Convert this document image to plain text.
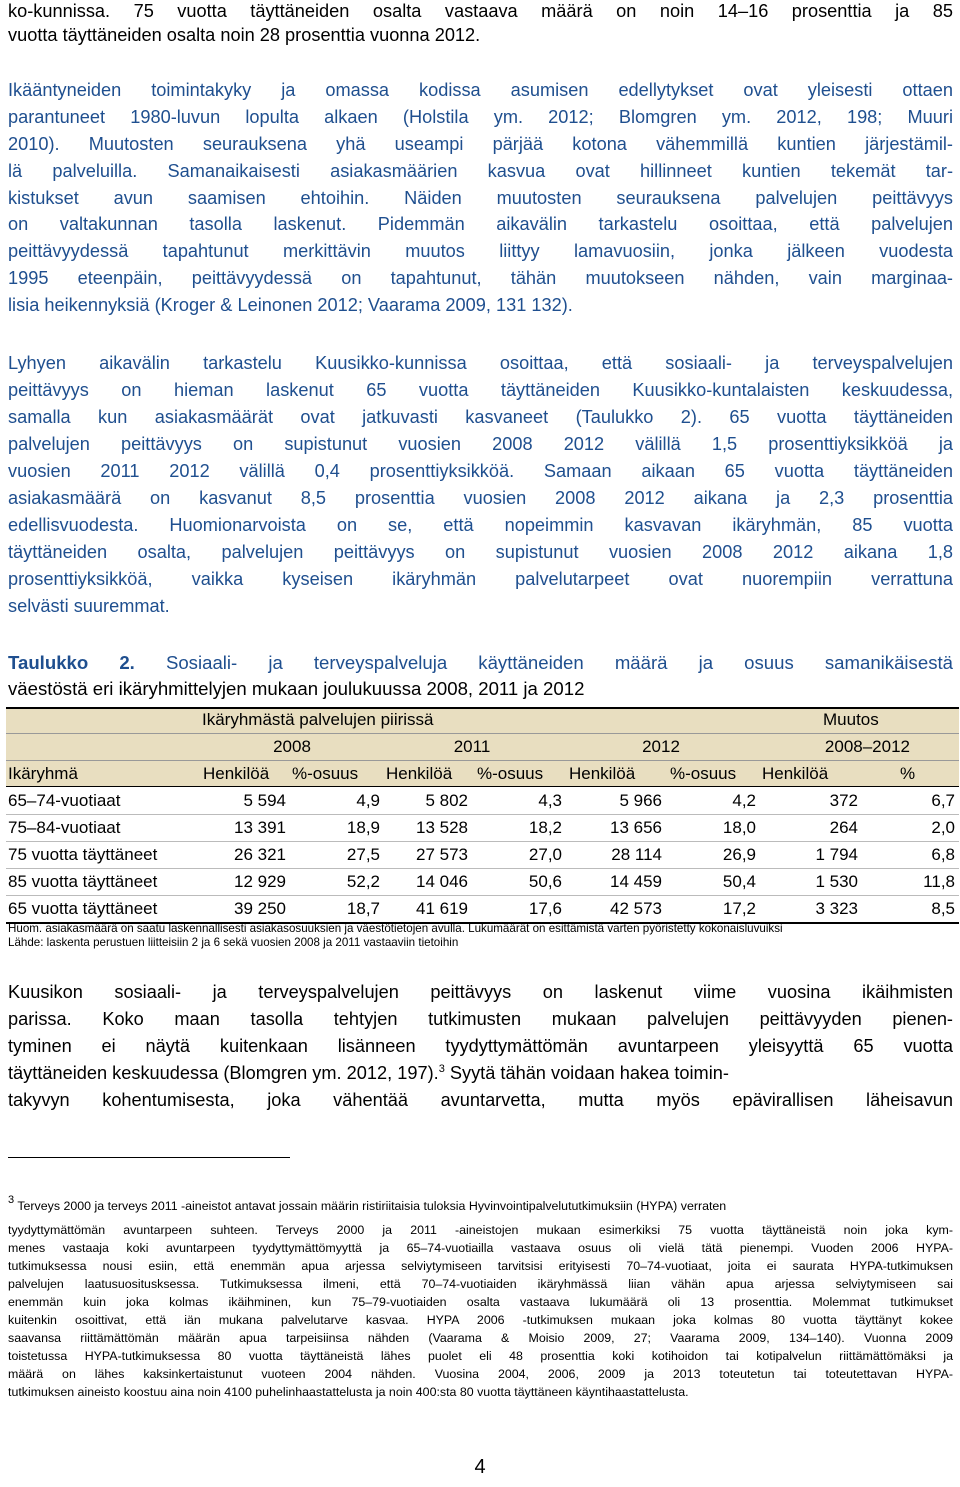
ko-kunnissa. 75 vuotta täyttäneiden osalta vastaava määrä on noin 14–16 prosenttia ja 85
vuotta täyttäneiden osalta noin 28 prosenttia vuonna 2012.
Ikääntyneiden toimintakyky ja omassa kodissa asumisen edellytykset ovat yleisesti ottaen
parantuneet 1980-luvun lopulta alkaen (Holstila ym. 2012; Blomgren ym. 2012, 198; Muuri
2010). Muutosten seurauksena yhä useampi pärjää kotona vähemmillä kuntien järjestämil-
lä palveluilla. Samanaikaisesti asiakasmäärien kasvua ovat hillinneet kuntien tekemät tar-
kistukset avun saamisen ehtoihin. Näiden muutosten seurauksena palvelujen peittävyys
on valtakunnan tasolla laskenut. Pidemmän aikavälin tarkastelu osoittaa, että palvelujen
peittävyydessä tapahtunut merkittävin muutos liittyy lamavuosiin, jonka jälkeen vuodesta
1995 eteenpäin, peittävyydessä on tapahtunut, tähän muutokseen nähden, vain marginaa-
lisia heikennyksiä (Kroger & Leinonen 2012; Vaarama 2009, 131 132).
Lyhyen aikavälin tarkastelu Kuusikko-kunnissa osoittaa, että sosiaali- ja terveyspalvelujen
peittävyys on hieman laskenut 65 vuotta täyttäneiden Kuusikko-kuntalaisten keskuudessa,
samalla kun asiakasmäärät ovat jatkuvasti kasvaneet (Taulukko 2). 65 vuotta täyttäneiden
palvelujen peittävyys on supistunut vuosien 2008 2012 välillä 1,5 prosenttiyksikköä ja
vuosien 2011 2012 välillä 0,4 prosenttiyksikköä. Samaan aikaan 65 vuotta täyttäneiden
asiakasmäärä on kasvanut 8,5 prosenttia vuosien 2008 2012 aikana ja 2,3 prosenttia
edellisvuodesta. Huomionarvoista on se, että nopeimmin kasvavan ikäryhmän, 85 vuotta
täyttäneiden osalta, palvelujen peittävyys on supistunut vuosien 2008 2012 aikana 1,8
prosenttiyksikköä, vaikka kyseisen ikäryhmän palvelutarpeet ovat nuorempiin verrattuna
selvästi suuremmat.
Taulukko 2. Sosiaali- ja terveyspalveluja käyttäneiden määrä ja osuus samanikäisestä
väestöstä eri ikäryhmittelyjen mukaan joulukuussa 2008, 2011 ja 2012
Ikäryhmästä palvelujen piirissä	Muutos
2008	2011	2012	2008–2012
Ikäryhmä	Henkilöä %-osuus Henkilöä %-osuus Henkilöä %-osuus Henkilöä	%
65–74-vuotiaat	5 594	4,9	5 802	4,3	5 966	4,2	372	6,7
75–84-vuotiaat	13 391	18,9	13 528	18,2	13 656	18,0	264	2,0
75 vuotta täyttäneet	26 321	27,5	27 573	27,0	28 114	26,9	1 794	6,8
85 vuotta täyttäneet	12 929	52,2	14 046	50,6	14 459	50,4	1 530	11,8
65 vuotta täyttäneet	39 250	18,7	41 619	17,6	42 573	17,2	3 323	8,5
Huom. asiakasmäärä on saatu laskennallisesti asiakasosuuksien ja väestötietojen avulla. Lukumäärät on esittämistä varten pyöristetty kokonaisluvuiksi
Lähde: laskenta perustuen liitteisiin 2 ja 6 sekä vuosien 2008 ja 2011 vastaaviin tietoihin
Kuusikon sosiaali- ja terveyspalvelujen peittävyys on laskenut viime vuosina ikäihmisten
parissa. Koko maan tasolla tehtyjen tutkimusten mukaan palvelujen peittävyyden pienen-
tyminen ei näytä kuitenkaan lisänneen tyydyttymättömän avuntarpeen yleisyyttä 65 vuotta
täyttäneiden keskuudessa (Blomgren ym. 2012, 197).$^3$ Syytä tähän voidaan hakea toimin-
takyvyn kohentumisesta, joka vähentää avuntarvetta, mutta myös epävirallisen läheisavun
$^3$ Terveys 2000 ja terveys 2011 -aineistot antavat jossain määrin ristiriitaisia tuloksia Hyvinvointipalvelututkimuksiin (HYPA) verraten
tyydyttymättömän avuntarpeen suhteen. Terveys 2000 ja 2011 -aineistojen mukaan esimerkiksi 75 vuotta täyttäneistä noin joka kym-
menes vastaaja koki avuntarpeen tyydyttymättömyyttä ja 65–74-vuotiailla vastaava osuus oli vielä tätä pienempi. Vuoden 2006 HYPA-
tutkimuksessa nousi esiin, että enemmän apua arjessa selviytymiseen tarvitsisi erityisesti 70–74-vuotiaat, joita ei saurata HYPA-tutkimuksen
palvelujen laatusuositusksessa. Tutkimuksessa ilmeni, että 70–74-vuotiaiden ikäryhmässä liian vähän apua arjessa selviytymiseen sai
enemmän kuin joka kolmas ikäihminen, kun 75–79-vuotiaiden osalta vastaava lukumäärä oli 13 prosenttia. Molemmat tutkimukset
kuitenkin osoittivat, että iän mukana palvelutarve kasvaa. HYPA 2006 -tutkimuksen mukaan joka kolmas 80 vuotta täyttänyt kokee
saavansa riittämättömän määrän apua tarpeisiinsa nähden (Vaarama & Moisio 2009, 27; Vaarama 2009, 134–140). Vuonna 2009
toistetussa HYPA-tutkimuksessa 80 vuotta täyttäneistä lähes puolet eli 48 prosenttia koki kotihoidon tai kotipalvelun riittämättömäksi ja
määrä on lähes kaksinkertaistunut vuoteen 2004 nähden. Vuosina 2004, 2006, 2009 ja 2013 toteutetun tai toteutettavan HYPA-
tutkimuksen aineisto koostuu aina noin 4100 puhelinhaastattelusta ja noin 400:sta 80 vuotta täyttäneen käyntihaastattelusta.
4
